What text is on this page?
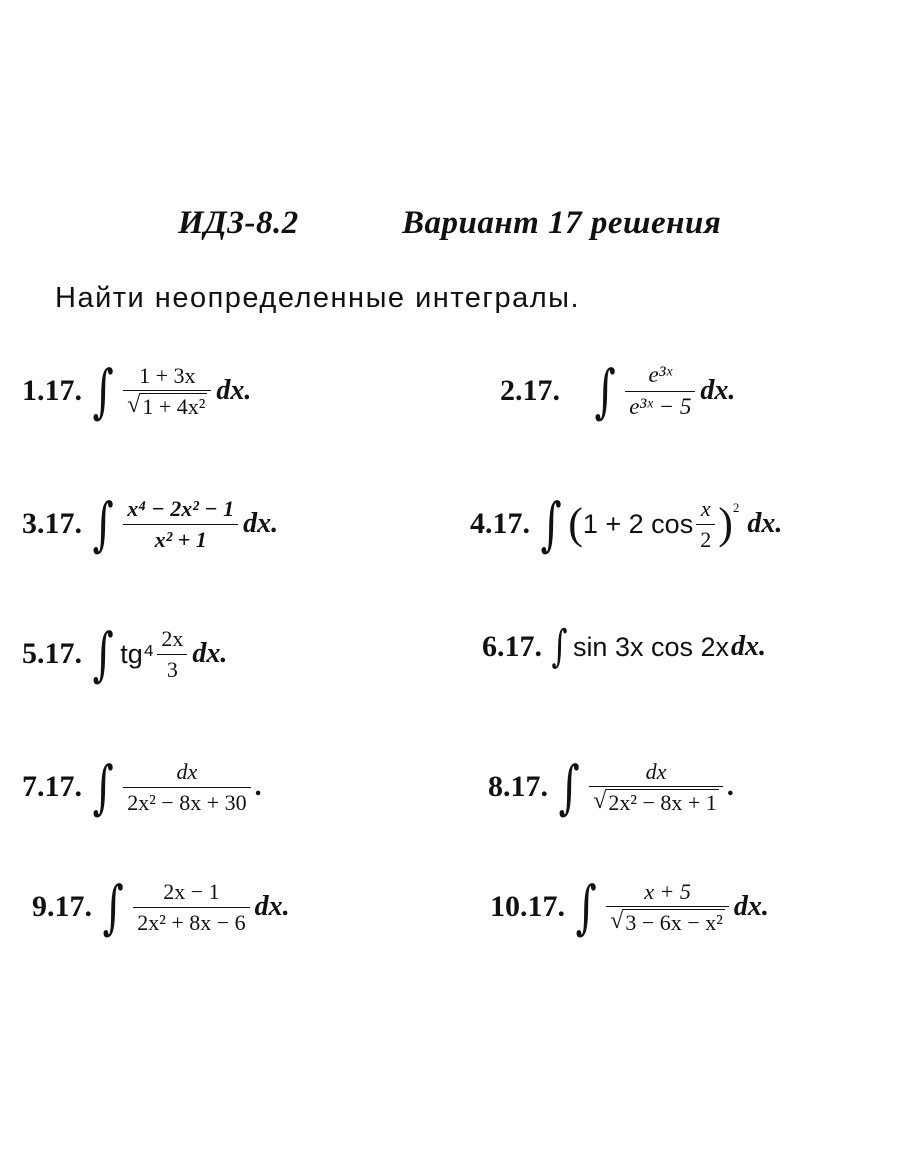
ИДЗ-8.2	Вариант 17 решения
Найти неопределенные интегралы.
1.17. ∫ $\frac{1 + 3x}{\text{√ 1 + 4x²}}$ dx.	2.17. ∫ $\frac{\text{e³ˣ}}{\text{e³ˣ − 5}}$ dx.
3.17. ∫ $\frac{\text{x⁴ − 2x² − 1}}{\text{x² + 1}}$ dx.	4.17. ∫ ( 1 + 2 $\cos \frac{x}{2}$ ) 2
dx.
5.17. ∫ $tg^4 \frac{2x}{3}$ dx.	6.17. ∫ sin 3x cos 2x dx.
7.17. ∫ $\frac{dx}{\text{2x² − 8x + 30}}$ .	8.17. ∫ $\frac{dx}{\text{√ 2x² − 8x + 1}}$ .
9.17. ∫ $\frac{2x - 1}{\text{2x² + 8x − 6}}$ dx.	10.17. ∫ $\frac{x + 5}{\text{√ 3 − 6x − x²}}$ dx.
